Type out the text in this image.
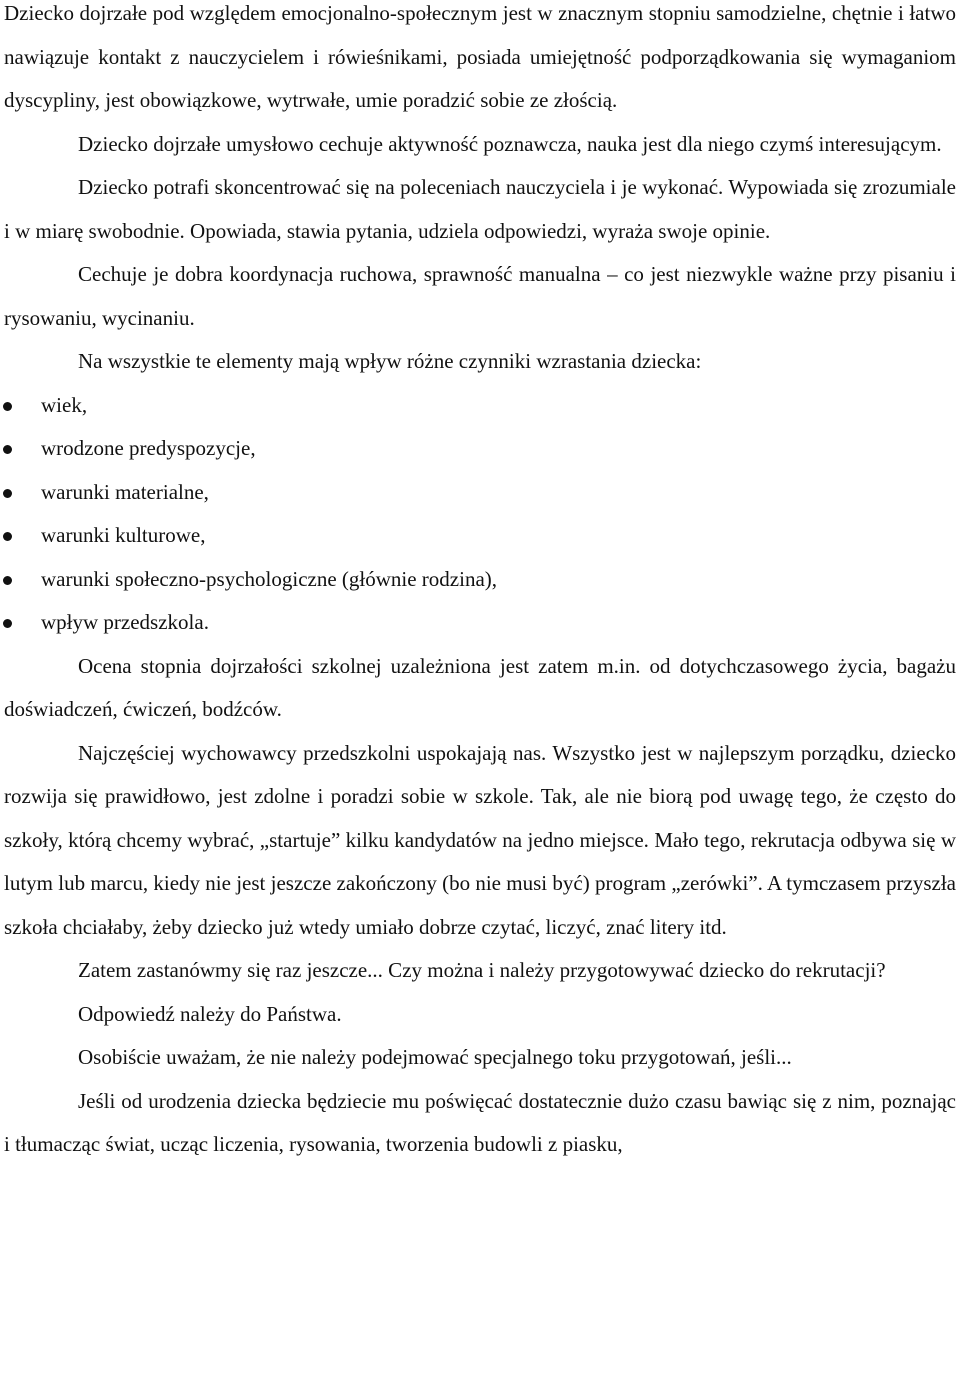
Dziecko dojrzałe pod względem emocjonalno-społecznym jest w znacznym stopniu samodzielne, chętnie i łatwo nawiązuje kontakt z nauczycielem i rówieśnikami, posiada umiejętność podporządkowania się wymaganiom dyscypliny, jest obowiązkowe, wytrwałe, umie poradzić sobie ze złością.

Dziecko dojrzałe umysłowo cechuje aktywność poznawcza, nauka jest dla niego czymś interesującym.

Dziecko potrafi skoncentrować się na poleceniach nauczyciela i je wykonać. Wypowiada się zrozumiale i w miarę swobodnie. Opowiada, stawia pytania, udziela odpowiedzi, wyraża swoje opinie.

Cechuje je dobra koordynacja ruchowa, sprawność manualna – co jest niezwykle ważne przy pisaniu i rysowaniu, wycinaniu.

Na wszystkie te elementy mają wpływ różne czynniki wzrastania dziecka:

wiek,
wrodzone predyspozycje,
warunki materialne,
warunki kulturowe,
warunki społeczno-psychologiczne (głównie rodzina),
wpływ przedszkola.

Ocena stopnia dojrzałości szkolnej uzależniona jest zatem m.in. od dotychczasowego życia, bagażu doświadczeń, ćwiczeń, bodźców.

Najczęściej wychowawcy przedszkolni uspokajają nas. Wszystko jest w najlepszym porządku, dziecko rozwija się prawidłowo, jest zdolne i poradzi sobie w szkole. Tak, ale nie biorą pod uwagę tego, że często do szkoły, którą chcemy wybrać, „startuje” kilku kandydatów na jedno miejsce. Mało tego, rekrutacja odbywa się w lutym lub marcu, kiedy nie jest jeszcze zakończony (bo nie musi być) program „zerówki”. A tymczasem przyszła szkoła chciałaby, żeby dziecko już wtedy umiało dobrze czytać, liczyć, znać litery itd.

Zatem zastanówmy się raz jeszcze... Czy można i należy przygotowywać dziecko do rekrutacji?

Odpowiedź należy do Państwa.

Osobiście uważam, że nie należy podejmować specjalnego toku przygotowań, jeśli...

Jeśli od urodzenia dziecka będziecie mu poświęcać dostatecznie dużo czasu bawiąc się z nim, poznając i tłumacząc świat, ucząc liczenia, rysowania, tworzenia budowli z piasku,
